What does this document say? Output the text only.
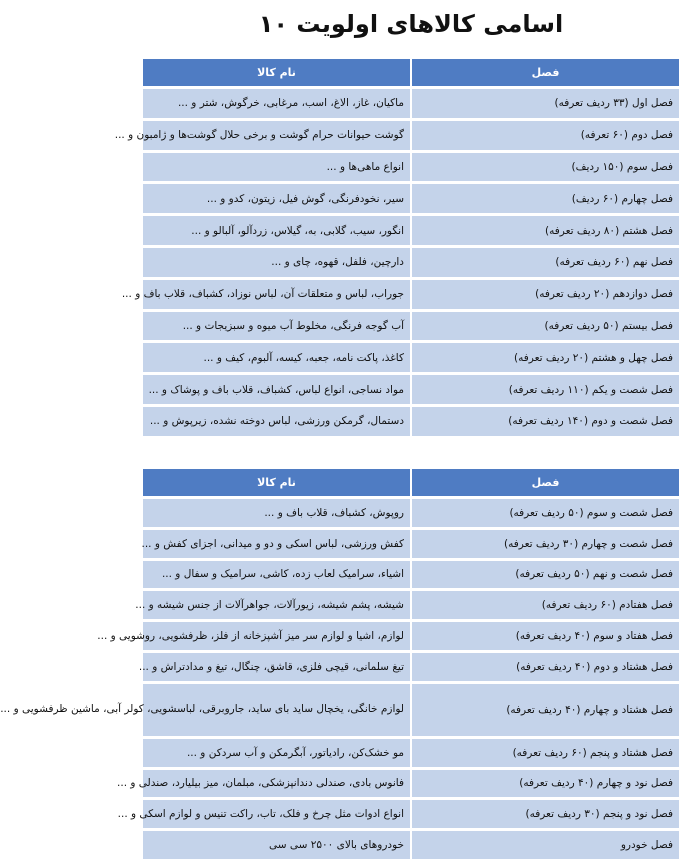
اسامی کالاهای اولویت ۱۰
فصل	نام کالا
فصل اول (۳۳ ردیف تعرفه)	ماکیان، غاز، الاغ، اسب، مرغابی، خرگوش، شتر و ...
فصل دوم (۶۰ تعرفه)	گوشت حیوانات حرام گوشت و برخی حلال گوشت‌ها و ژامبون و ...
فصل سوم (۱۵۰ ردیف)	انواع ماهی‌ها و ...
فصل چهارم (۶۰ ردیف)	سیر، نخودفرنگی، گوش فیل، زیتون، کدو و ...
فصل هشتم (۸۰ ردیف تعرفه)	انگور، سیب، گلابی، به، گیلاس، زردآلو، آلبالو و ...
فصل نهم (۶۰ ردیف تعرفه)	دارچین، فلفل، قهوه، چای و ...
فصل دوازدهم (۲۰ ردیف تعرفه)	جوراب، لباس و متعلقات آن، لباس نوزاد، کشباف، قلاب باف و ...
فصل بیستم (۵۰ ردیف تعرفه)	آب گوجه فرنگی، مخلوط آب میوه و سبزیجات و ...
فصل چهل و هشتم (۲۰ ردیف تعرفه)	کاغذ، پاکت نامه، جعبه، کیسه، آلبوم، کیف و ...
فصل شصت و یکم (۱۱۰ ردیف تعرفه)	مواد نساجی، انواع لباس، کشباف، قلاب باف و پوشاک و ...
فصل شصت و دوم (۱۴۰ ردیف تعرفه)	دستمال، گرمکن ورزشی، لباس دوخته نشده، زیرپوش و ...
فصل	نام کالا
فصل شصت و سوم (۵۰ ردیف تعرفه)	روپوش، کشباف، قلاب باف و ...
فصل شصت و چهارم (۳۰ ردیف تعرفه)	کفش ورزشی، لباس اسکی و دو و میدانی، اجزای کفش و ...
فصل شصت و نهم (۵۰ ردیف تعرفه)	اشیاء، سرامیک لعاب زده، کاشی، سرامیک و سفال و ...
فصل هفتادم (۶۰ ردیف تعرفه)	شیشه، پشم شیشه، زیورآلات، جواهرآلات از جنس شیشه و ...
فصل هفتاد و سوم (۴۰ ردیف تعرفه)	لوازم، اشیا و لوازم سر میز آشپزخانه از فلز، ظرفشویی، روشویی و ...
فصل هشتاد و دوم (۴۰ ردیف تعرفه)	تیغ سلمانی، قیچی فلزی، قاشق، چنگال، تیغ و مدادتراش و ...
فصل هشتاد و چهارم (۴۰ ردیف تعرفه)	لوازم خانگی، یخچال ساید بای ساید، جاروبرقی، لباسشویی، کولر آبی، ماشین ظرفشویی و ...
فصل هشتاد و پنجم (۶۰ ردیف تعرفه)	مو خشک‌کن، رادیاتور، آبگرمکن و آب سردکن و ...
فصل نود و چهارم (۴۰ ردیف تعرفه)	فانوس بادی، صندلی دندانپزشکی، مبلمان، میز بیلیارد، صندلی و ...
فصل نود و پنجم (۳۰ ردیف تعرفه)	انواع ادوات مثل چرخ و فلک، تاب، راکت تنیس و لوازم اسکی و ...
فصل خودرو	خودروهای بالای ۲۵۰۰ سی سی
